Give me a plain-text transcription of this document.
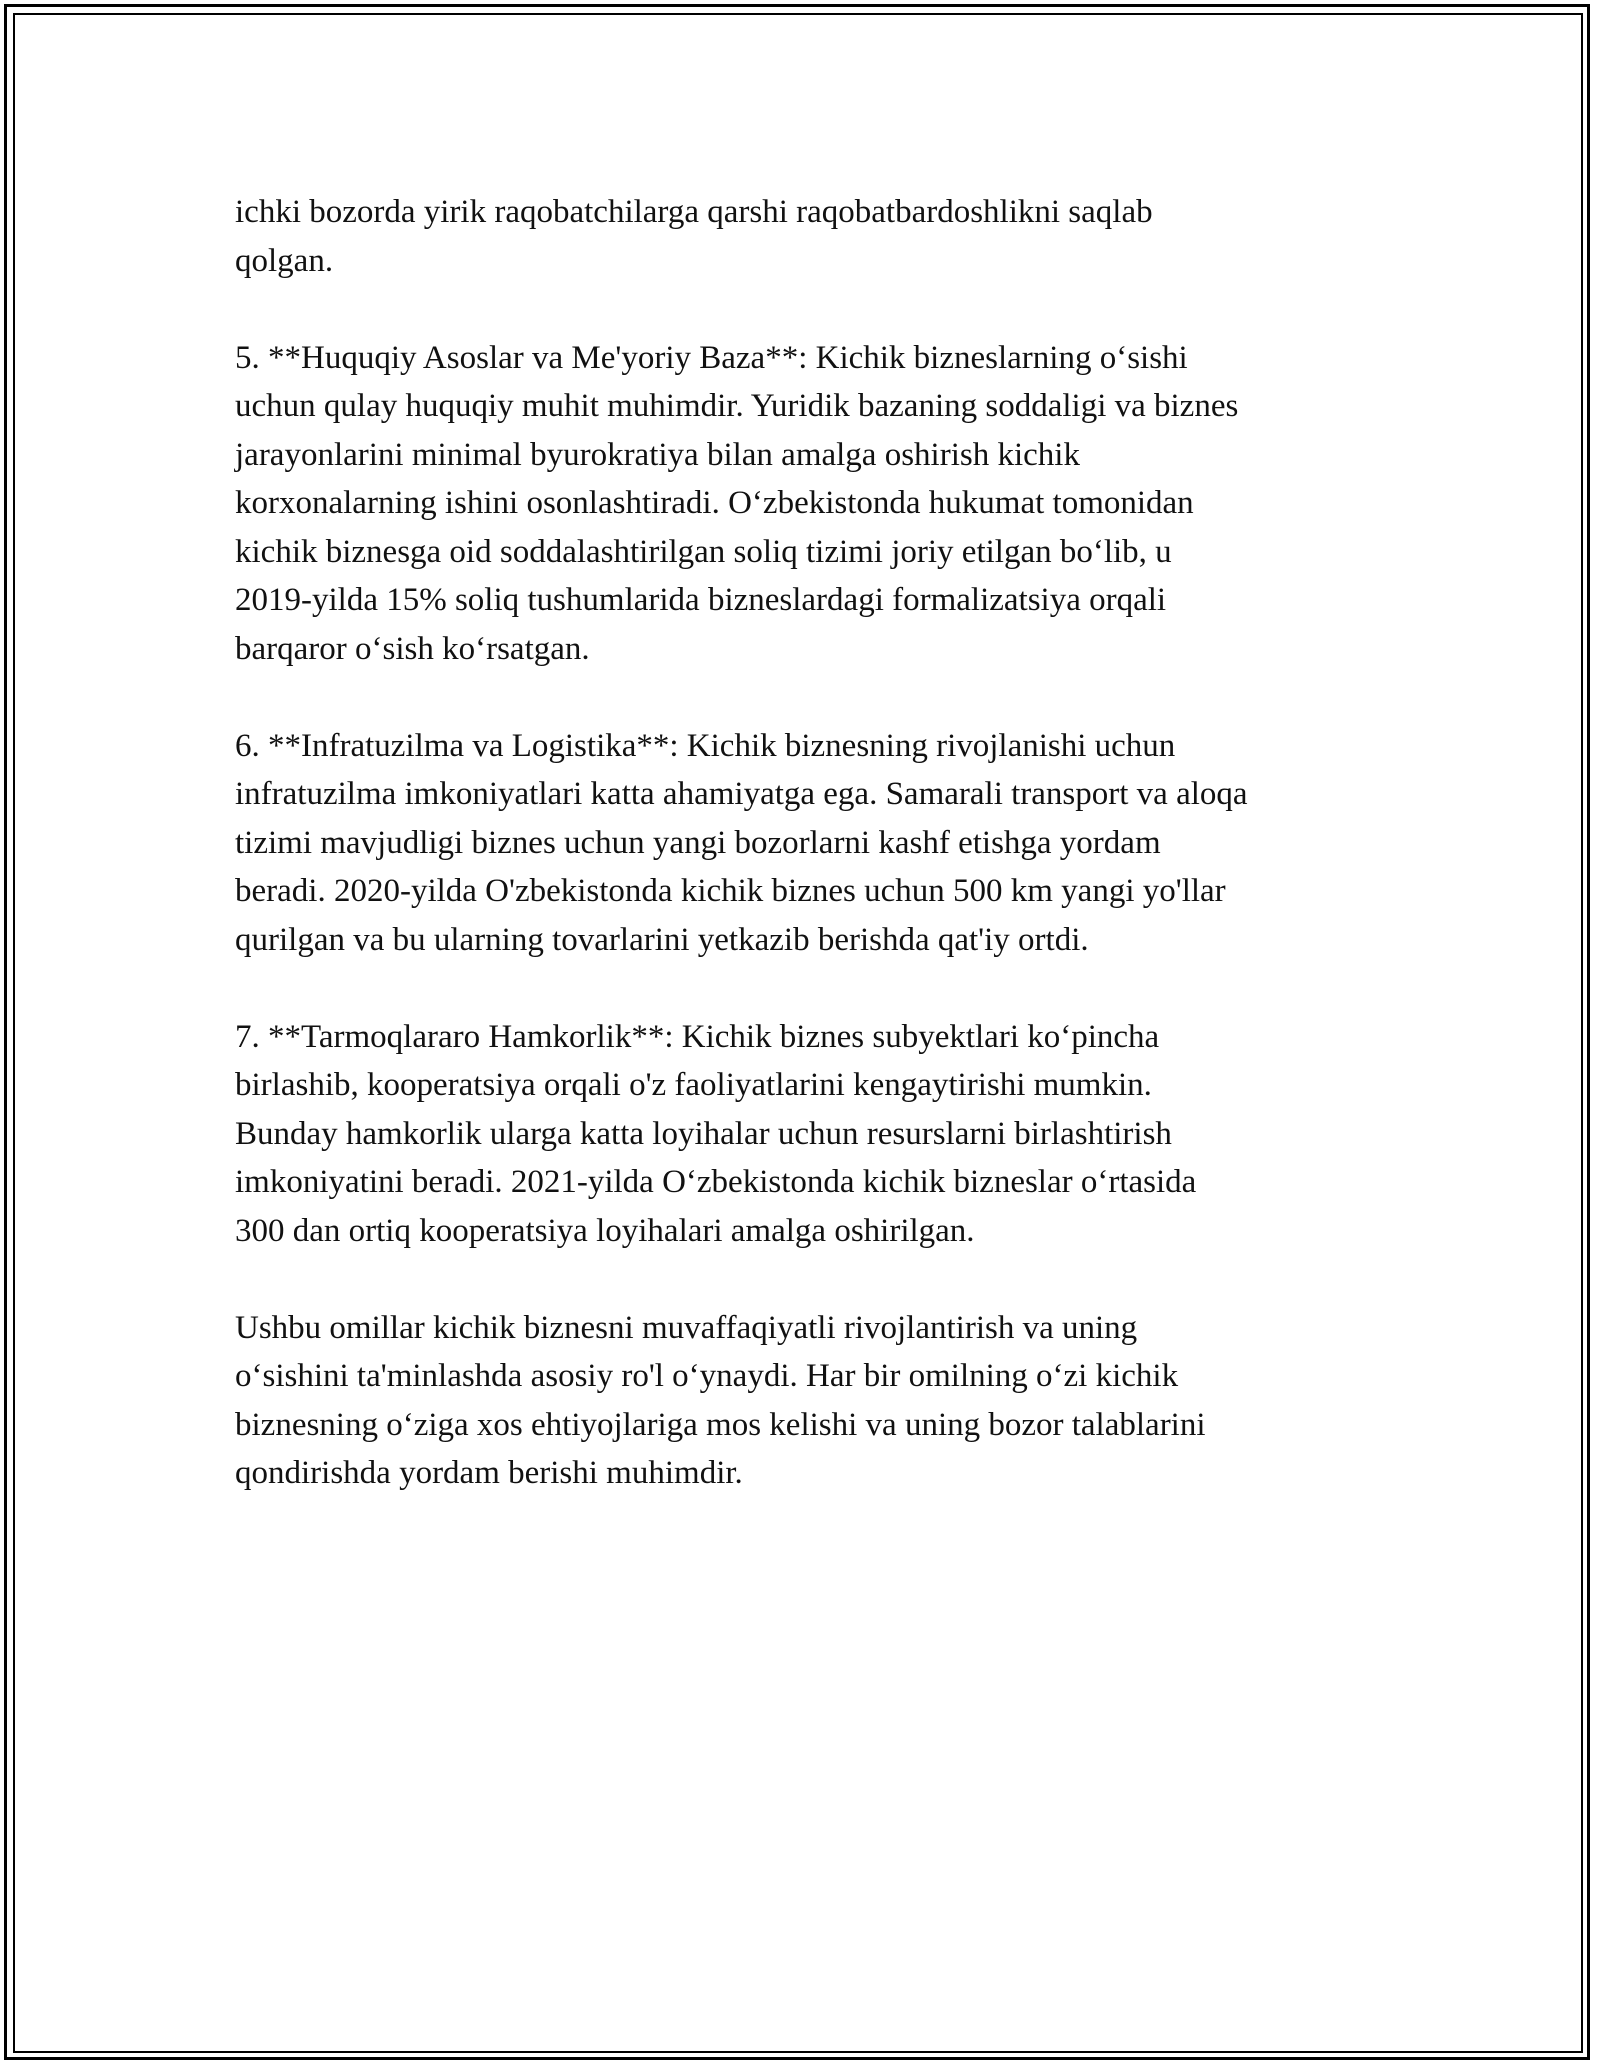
ichki bozorda yirik raqobatchilarga qarshi raqobatbardoshlikni saqlab
qolgan.

5. **Huquqiy Asoslar va Me'yoriy Baza**: Kichik bizneslarning o‘sishi
uchun qulay huquqiy muhit muhimdir. Yuridik bazaning soddaligi va biznes
jarayonlarini minimal byurokratiya bilan amalga oshirish kichik
korxonalarning ishini osonlashtiradi. O‘zbekistonda hukumat tomonidan
kichik biznesga oid soddalashtirilgan soliq tizimi joriy etilgan bo‘lib, u
2019-yilda 15% soliq tushumlarida bizneslardagi formalizatsiya orqali
barqaror o‘sish ko‘rsatgan.

6. **Infratuzilma va Logistika**: Kichik biznesning rivojlanishi uchun
infratuzilma imkoniyatlari katta ahamiyatga ega. Samarali transport va aloqa
tizimi mavjudligi biznes uchun yangi bozorlarni kashf etishga yordam
beradi. 2020-yilda O'zbekistonda kichik biznes uchun 500 km yangi yo'llar
qurilgan va bu ularning tovarlarini yetkazib berishda qat'iy ortdi.

7. **Tarmoqlararo Hamkorlik**: Kichik biznes subyektlari ko‘pincha
birlashib, kooperatsiya orqali o'z faoliyatlarini kengaytirishi mumkin.
Bunday hamkorlik ularga katta loyihalar uchun resurslarni birlashtirish
imkoniyatini beradi. 2021-yilda O‘zbekistonda kichik bizneslar o‘rtasida
300 dan ortiq kooperatsiya loyihalari amalga oshirilgan.

Ushbu omillar kichik biznesni muvaffaqiyatli rivojlantirish va uning
o‘sishini ta'minlashda asosiy ro'l o‘ynaydi. Har bir omilning o‘zi kichik
biznesning o‘ziga xos ehtiyojlariga mos kelishi va uning bozor talablarini
qondirishda yordam berishi muhimdir.
